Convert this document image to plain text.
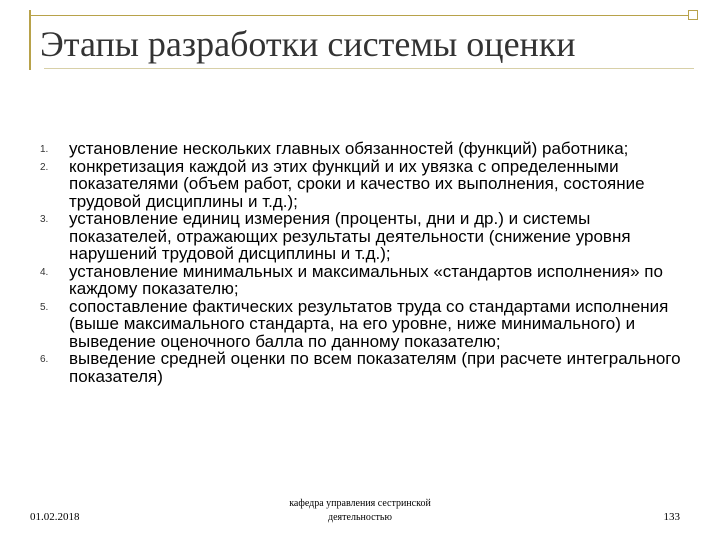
Этапы разработки системы оценки
1. установление нескольких главных обязанностей (функций) работника;
2. конкретизация каждой из этих функций и их увязка с определенными показателями (объем работ, сроки и качество их выполнения, состояние трудовой дисциплины и т.д.);
3. установление единиц измерения (проценты, дни и др.) и системы показателей, отражающих результаты деятельности (снижение уровня нарушений трудовой дисциплины и т.д.);
4. установление минимальных и максимальных «стандартов исполнения» по каждому показателю;
5. сопоставление фактических результатов труда со стандартами исполнения (выше максимального стандарта, на его уровне, ниже минимального) и выведение оценочного балла по данному показателю;
6. выведение средней оценки по всем показателям (при расчете интегрального показателя)
01.02.2018
кафедра управления сестринской
деятельностью	133
